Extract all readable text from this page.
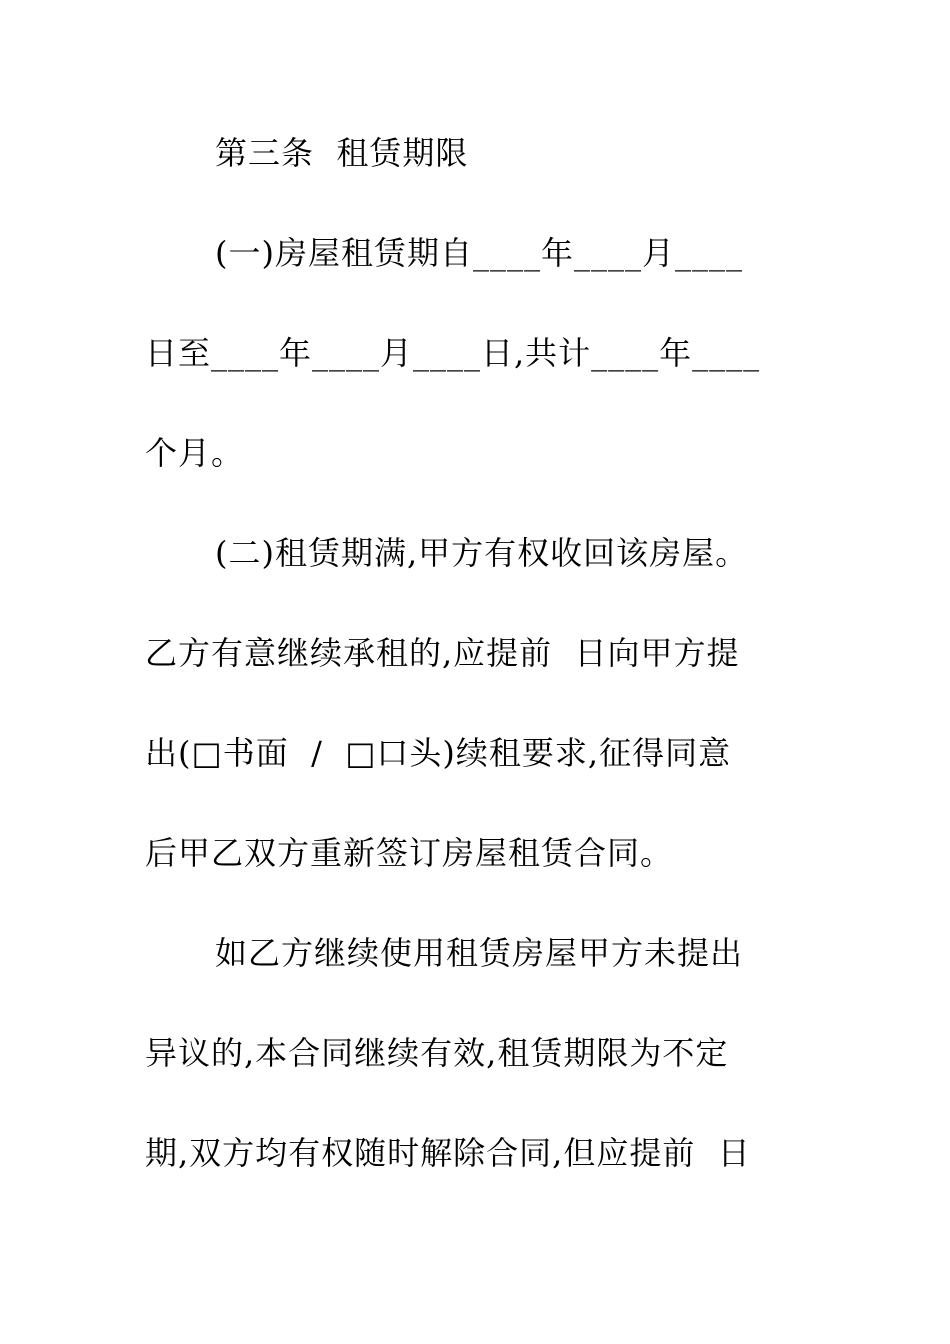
第三条  租赁期限
(一)房屋租赁期自____年____月____
日至____年____月____日,共计____年____
个月。
(二)租赁期满,甲方有权收回该房屋。
乙方有意继续承租的,应提前  日向甲方提
出(□书面  /  □口头)续租要求,征得同意
后甲乙双方重新签订房屋租赁合同。
如乙方继续使用租赁房屋甲方未提出
异议的,本合同继续有效,租赁期限为不定
期,双方均有权随时解除合同,但应提前  日
